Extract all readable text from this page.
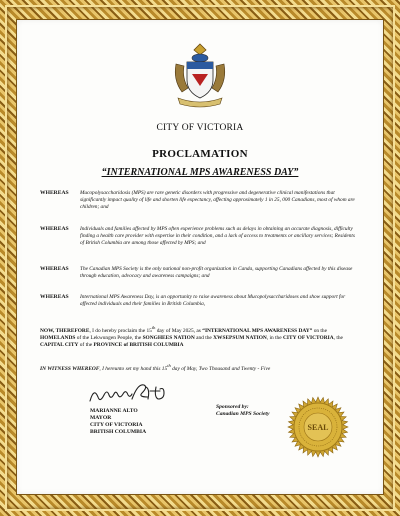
CITY OF VICTORIA
PROCLAMATION
“INTERNATIONAL MPS AWARENESS DAY”
WHEREAS	Mucopolysaccharidosis (MPS) are rare genetic disorders with progressive and degenerative clinical manifestations that significantly impact quality of life and shorten life expectancy, affecting approximately 1 in 25, 000 Canadians, most of whom are children; and
WHEREAS	Individuals and families affected by MPS often experience problems such as delays in obtaining an accurate diagnosis, difficulty finding a health care provider with expertise in their condition, and a lack of access to treatments or ancillary services; Residents of British Columbia are among those affected by MPS; and
WHEREAS	The Canadian MPS Society is the only national non-profit organization in Canda, supporting Canadians affected by this disease through education, advocacy and awareness campaigns; and
WHEREAS	International MPS Awareness Day, is an opportunity to raise awareness about Mucopolysaccharidoses and show support for affected individuals and their families in British Columbia,
NOW, THEREFORE, I do hereby proclaim the 15th day of May 2025, as “INTERNATIONAL MPS AWARENESS DAY” on the HOMELANDS of the Lekwungen People, the SONGHEES NATION and the XWSEPSUM NATION, in the CITY OF VICTORIA, the CAPITAL CITY of the PROVINCE of BRITISH COLUMBIA
IN WITNESS WHEREOF, I hereunto set my hand this 15th day of May, Two Thousand and Twenty - Five
MARIANNE ALTO
MAYOR
CITY OF VICTORIA
BRITISH COLUMBIA
Sponsored by:
Canadian MPS Society
SEAL
